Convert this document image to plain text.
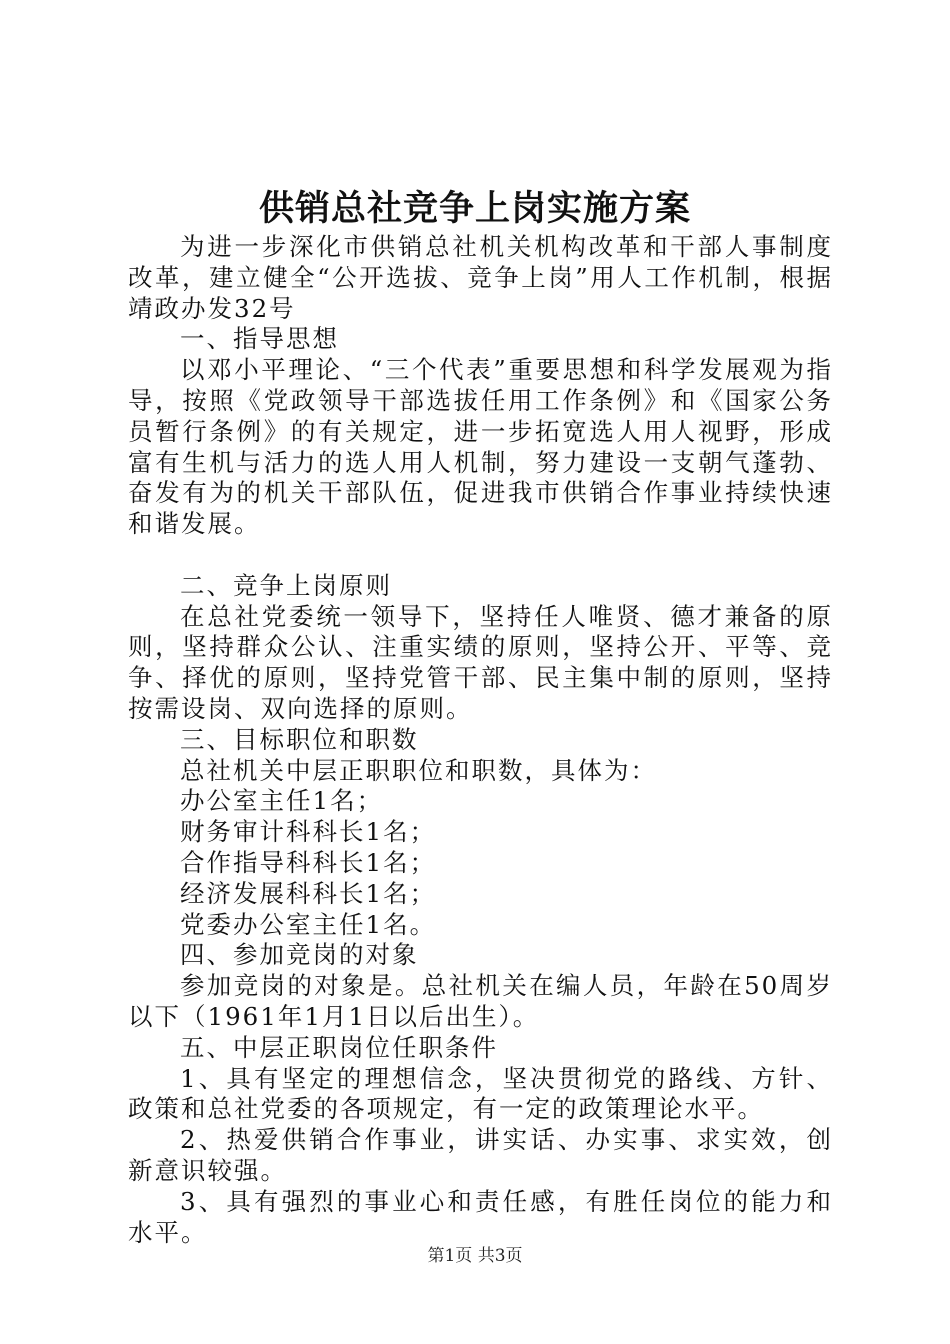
供销总社竞争上岗实施方案

为进一步深化市供销总社机关机构改革和干部人事制度改革，建立健全“公开选拔、竞争上岗”用人工作机制，根据靖政办发32号

一、指导思想

以邓小平理论、“三个代表”重要思想和科学发展观为指导，按照《党政领导干部选拔任用工作条例》和《国家公务员暂行条例》的有关规定，进一步拓宽选人用人视野，形成富有生机与活力的选人用人机制，努力建设一支朝气蓬勃、奋发有为的机关干部队伍，促进我市供销合作事业持续快速和谐发展。

二、竞争上岗原则

在总社党委统一领导下，坚持任人唯贤、德才兼备的原则，坚持群众公认、注重实绩的原则，坚持公开、平等、竞争、择优的原则，坚持党管干部、民主集中制的原则，坚持按需设岗、双向选择的原则。

三、目标职位和职数

总社机关中层正职职位和职数，具体为：

办公室主任1名；

财务审计科科长1名；

合作指导科科长1名；

经济发展科科长1名；

党委办公室主任1名。

四、参加竞岗的对象

参加竞岗的对象是。总社机关在编人员，年龄在50周岁以下（1961年1月1日以后出生）。

五、中层正职岗位任职条件

1、具有坚定的理想信念，坚决贯彻党的路线、方针、政策和总社党委的各项规定，有一定的政策理论水平。

2、热爱供销合作事业，讲实话、办实事、求实效，创新意识较强。

3、具有强烈的事业心和责任感，有胜任岗位的能力和水平。

第1页 共3页
